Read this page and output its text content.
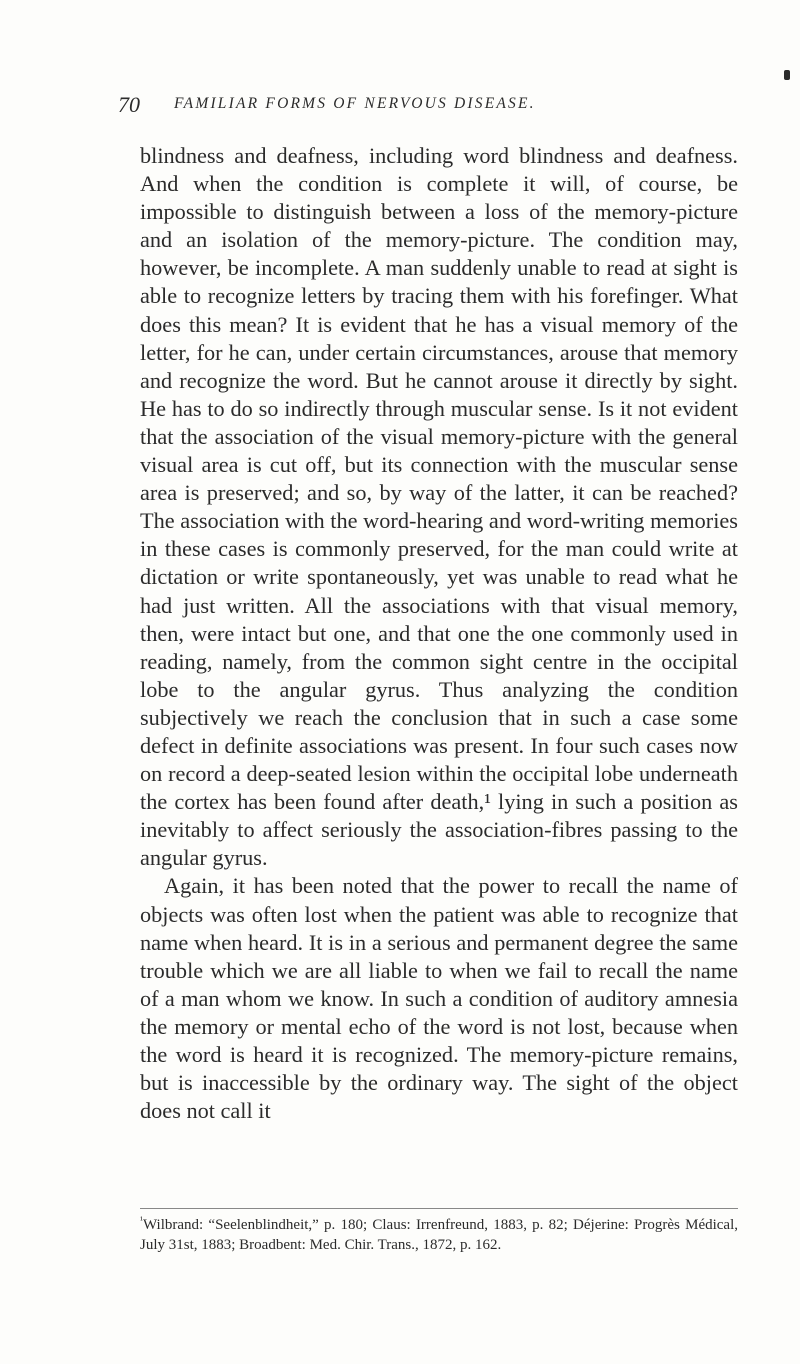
70 FAMILIAR FORMS OF NERVOUS DISEASE.

blindness and deafness, including word blindness and deafness. And when the condition is complete it will, of course, be impossible to distinguish between a loss of the memory-picture and an isolation of the memory-picture. The condition may, however, be incomplete. A man suddenly unable to read at sight is able to recognize letters by tracing them with his forefinger. What does this mean? It is evident that he has a visual memory of the letter, for he can, under certain circumstances, arouse that memory and recognize the word. But he cannot arouse it directly by sight. He has to do so indirectly through muscular sense. Is it not evident that the association of the visual memory-picture with the general visual area is cut off, but its connection with the muscular sense area is preserved; and so, by way of the latter, it can be reached? The association with the word-hearing and word-writing memories in these cases is commonly preserved, for the man could write at dictation or write spontaneously, yet was unable to read what he had just written. All the associations with that visual memory, then, were intact but one, and that one the one commonly used in reading, namely, from the common sight centre in the occipital lobe to the angular gyrus. Thus analyzing the condition subjectively we reach the conclusion that in such a case some defect in definite associations was present. In four such cases now on record a deep-seated lesion within the occipital lobe underneath the cortex has been found after death,¹ lying in such a position as inevitably to affect seriously the association-fibres passing to the angular gyrus.

Again, it has been noted that the power to recall the name of objects was often lost when the patient was able to recognize that name when heard. It is in a serious and permanent degree the same trouble which we are all liable to when we fail to recall the name of a man whom we know. In such a condition of auditory amnesia the memory or mental echo of the word is not lost, because when the word is heard it is recognized. The memory-picture remains, but is inaccessible by the ordinary way. The sight of the object does not call it

$^{^1}$Wilbrand: “Seelenblindheit,” p. 180; Claus: Irrenfreund, 1883, p. 82; Déjerine: Progrès Médical, July 31st, 1883; Broadbent: Med. Chir. Trans., 1872, p. 162.
